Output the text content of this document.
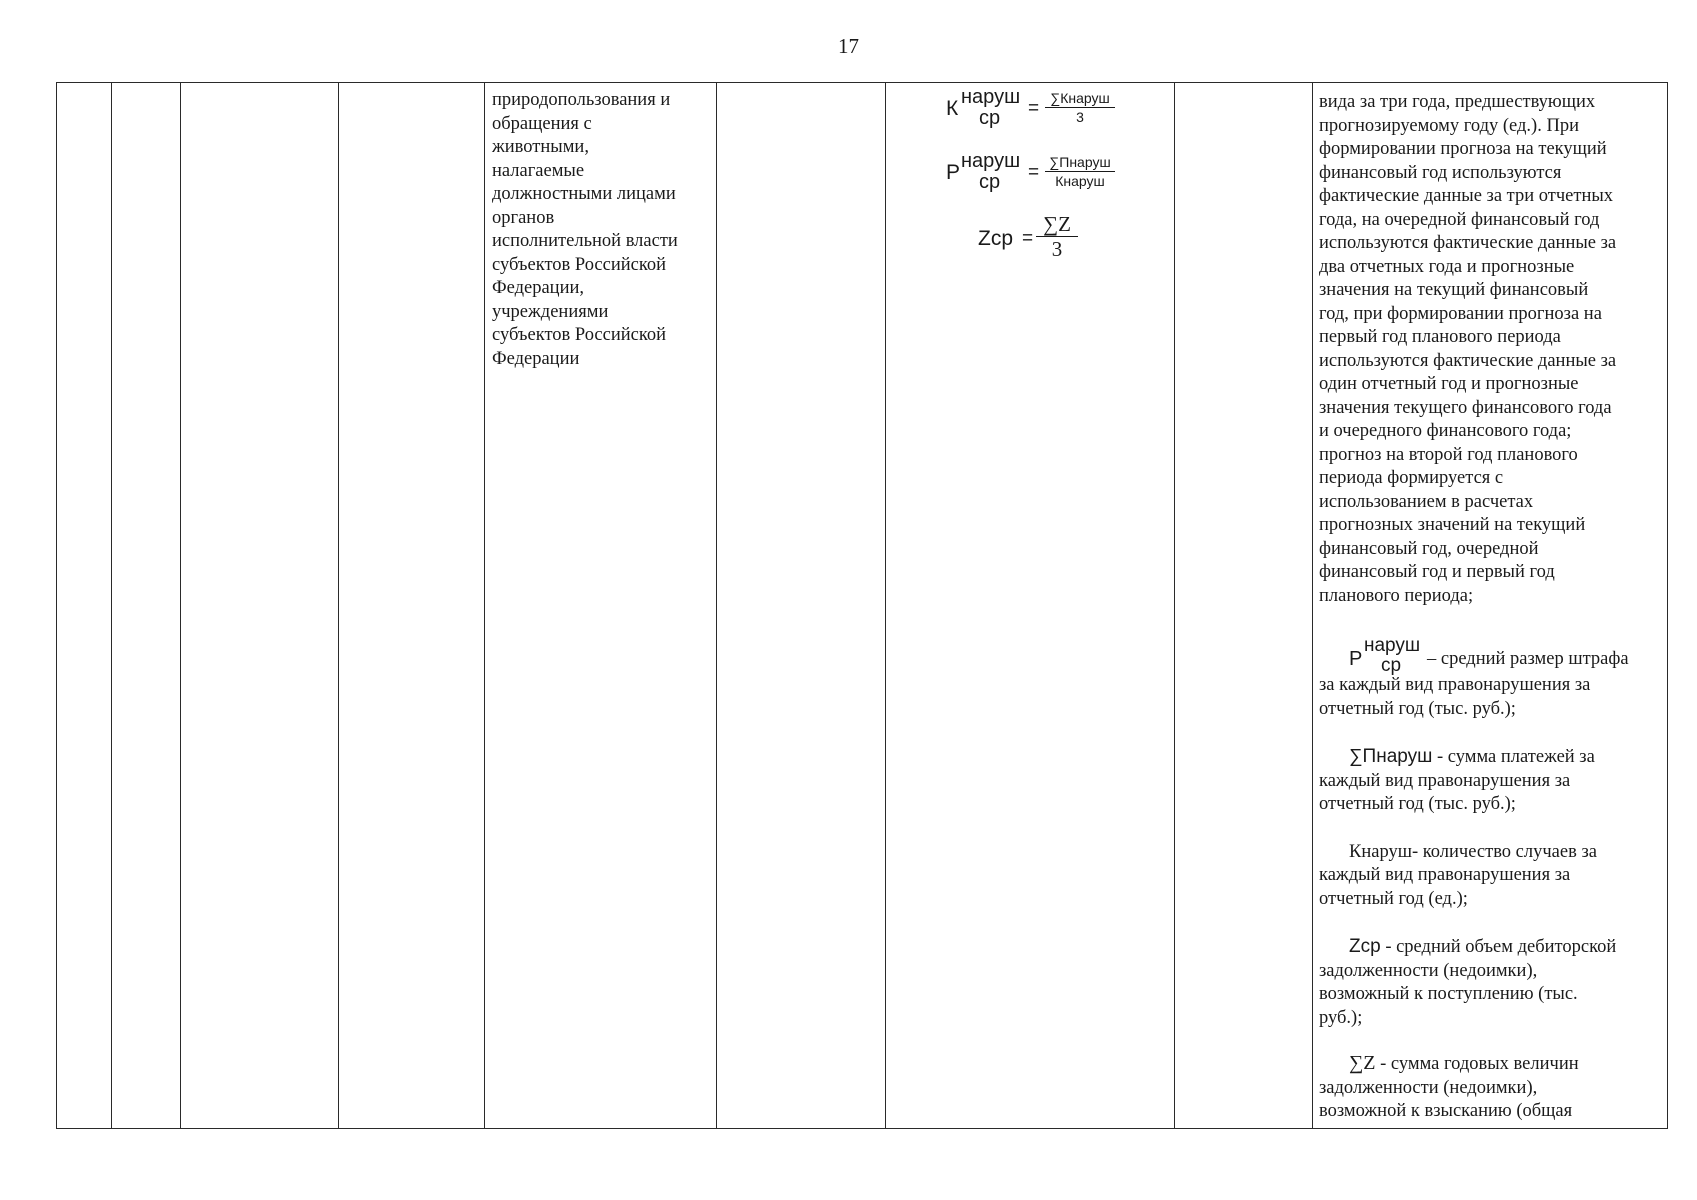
17
природопользования и
обращения с
животными,
налагаемые
должностными лицами
органов
исполнительной власти
субъектов Российской
Федерации,
учреждениями
субъектов Российской
Федерации
К наруш
ср = ∑Кнаруш
3
Р наруш
ср = ∑Пнаруш
Кнаруш
Zср =
∑Z
3

вида за три года, предшествующих

прогнозируемому году (ед.). При

формировании прогноза на текущий

финансовый год используются

фактические данные за три отчетных

года, на очередной финансовый год

используются фактические данные за

два отчетных года и прогнозные

значения на текущий финансовый

год, при формировании прогноза на

первый год планового периода

используются фактические данные за

один отчетный год и прогнозные

значения текущего финансового года

и очередного финансового года;

прогноз на второй год планового

периода формируется с

использованием в расчетах

прогнозных значений на текущий

финансовый год, очередной

финансовый год и первый год

планового периода;

Р
наруш
ср – средний размер штрафа

за каждый вид правонарушения за

отчетный год (тыс. руб.);

∑Пнаруш - сумма платежей за

каждый вид правонарушения за

отчетный год (тыс. руб.);

Кнаруш- количество случаев за

каждый вид правонарушения за

отчетный год (ед.);

Zср - средний объем дебиторской

задолженности (недоимки),

возможный к поступлению (тыс.

руб.);

∑Z - сумма годовых величин

задолженности (недоимки),

возможной к взысканию (общая
